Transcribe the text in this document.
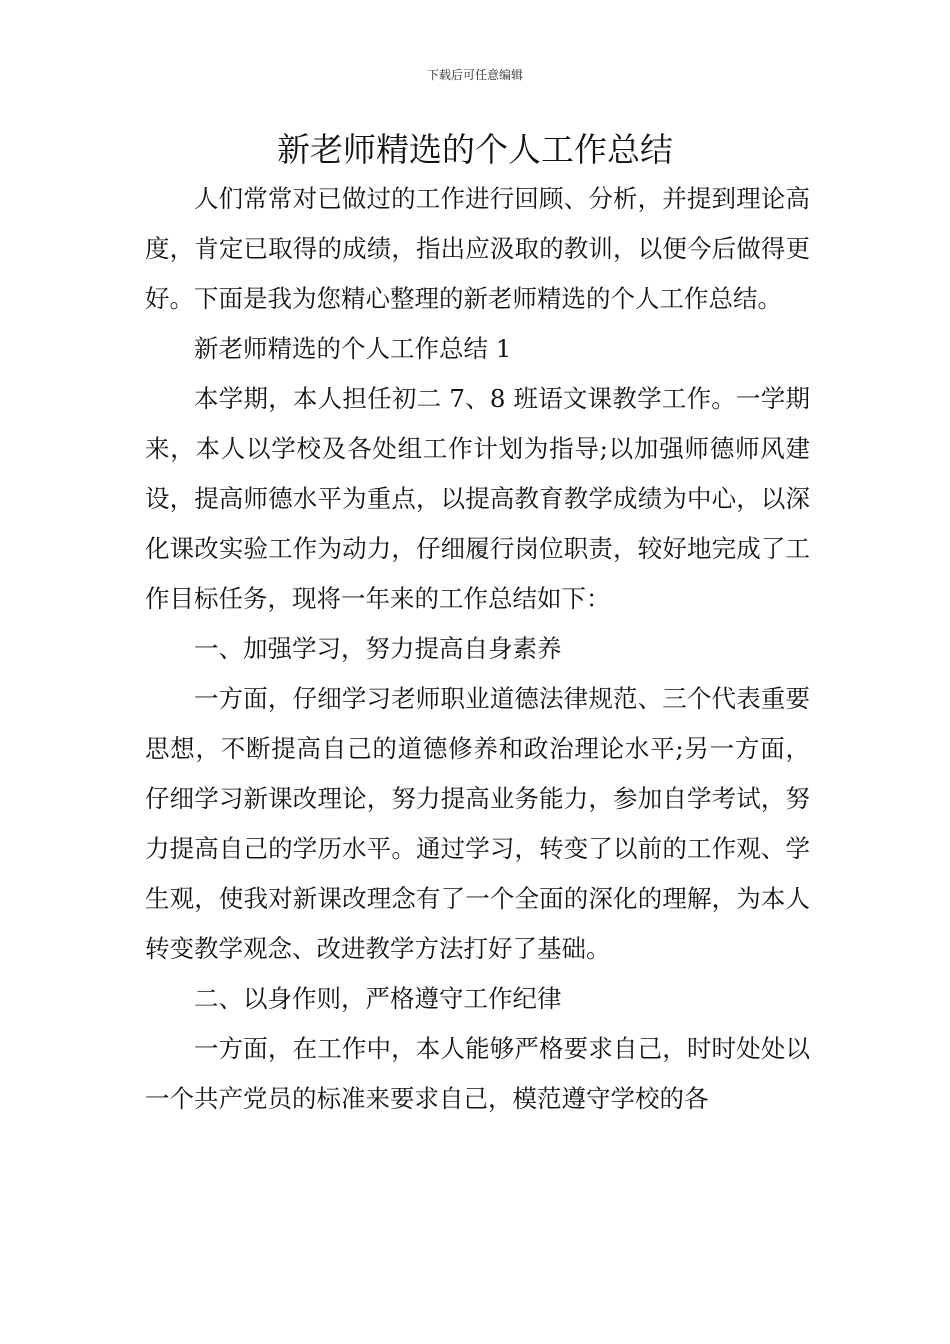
下载后可任意编辑
新老师精选的个人工作总结

人们常常对已做过的工作进行回顾、分析，并提到理论高度，肯定已取得的成绩，指出应汲取的教训，以便今后做得更好。下面是我为您精心整理的新老师精选的个人工作总结。

新老师精选的个人工作总结 1

本学期，本人担任初二 7、8 班语文课教学工作。一学期来，本人以学校及各处组工作计划为指导;以加强师德师风建设，提高师德水平为重点，以提高教育教学成绩为中心，以深化课改实验工作为动力，仔细履行岗位职责，较好地完成了工作目标任务，现将一年来的工作总结如下：

一、加强学习，努力提高自身素养

一方面，仔细学习老师职业道德法律规范、三个代表重要思想，不断提高自己的道德修养和政治理论水平;另一方面，仔细学习新课改理论，努力提高业务能力，参加自学考试，努力提高自己的学历水平。通过学习，转变了以前的工作观、学生观，使我对新课改理念有了一个全面的深化的理解，为本人转变教学观念、改进教学方法打好了基础。

二、以身作则，严格遵守工作纪律

一方面，在工作中，本人能够严格要求自己，时时处处以一个共产党员的标准来要求自己，模范遵守学校的各
